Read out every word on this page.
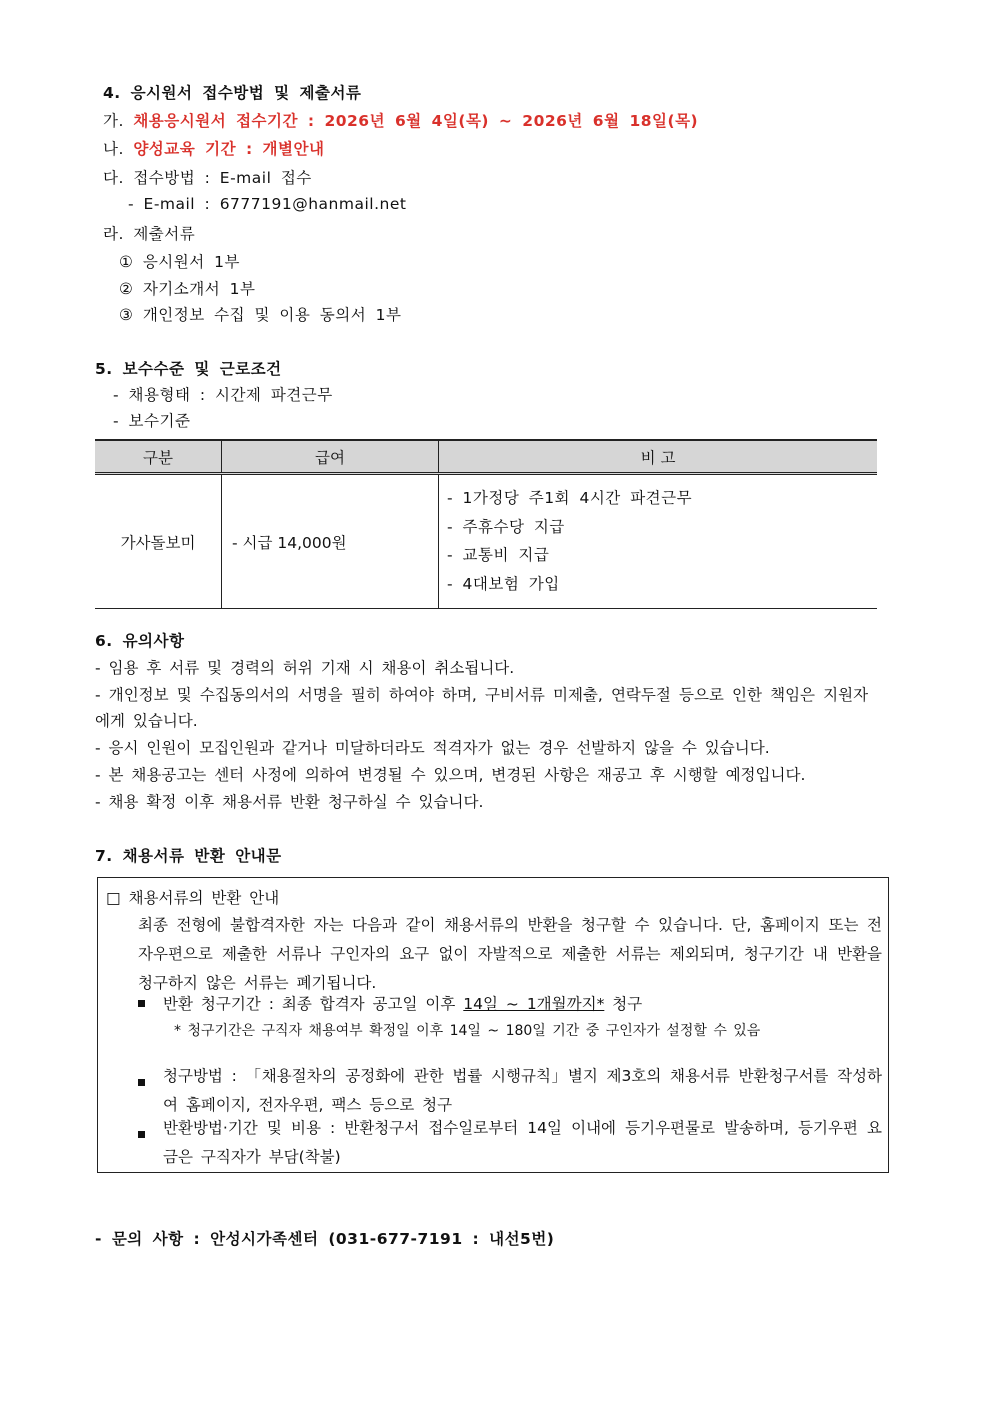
4. 응시원서 접수방법 및 제출서류
가. 채용응시원서 접수기간 : 2026년 6월 4일(목) ~ 2026년 6월 18일(목)
나. 양성교육 기간 : 개별안내
다. 접수방법 : E-mail 접수
- E-mail : 6777191@hanmail.net
라. 제출서류
① 응시원서 1부
② 자기소개서 1부
③ 개인정보 수집 및 이용 동의서 1부
5. 보수수준 및 근로조건
- 채용형태 : 시간제 파견근무
- 보수기준
구분	급여	비 고
가사돌보미	- 시급 14,000원	- 1가정당 주1회 4시간 파견근무
- 주휴수당 지급
- 교통비 지급
- 4대보험 가입
6. 유의사항
- 임용 후 서류 및 경력의 허위 기재 시 채용이 취소됩니다.
- 개인정보 및 수집동의서의 서명을 필히 하여야 하며, 구비서류 미제출, 연락두절 등으로 인한 책임은 지원자
에게 있습니다.
- 응시 인원이 모집인원과 같거나 미달하더라도 적격자가 없는 경우 선발하지 않을 수 있습니다.
- 본 채용공고는 센터 사정에 의하여 변경될 수 있으며, 변경된 사항은 재공고 후 시행할 예정입니다.
- 채용 확정 이후 채용서류 반환 청구하실 수 있습니다.
7. 채용서류 반환 안내문
□ 채용서류의 반환 안내
최종 전형에 불합격자한 자는 다음과 같이 채용서류의 반환을 청구할 수 있습니다. 단, 홈페이지 또는 전자우편으로 제출한 서류나 구인자의 요구 없이 자발적으로 제출한 서류는 제외되며, 청구기간 내 반환을 청구하지 않은 서류는 폐기됩니다.
반환 청구기간 : 최종 합격자 공고일 이후 14일 ~ 1개월까지* 청구
* 청구기간은 구직자 채용여부 확정일 이후 14일 ~ 180일 기간 중 구인자가 설정할 수 있음
청구방법 : 「채용절차의 공정화에 관한 법률 시행규칙」별지 제3호의 채용서류 반환청구서를 작성하여 홈페이지, 전자우편, 팩스 등으로 청구
반환방법·기간 및 비용 : 반환청구서 접수일로부터 14일 이내에 등기우편물로 발송하며, 등기우편 요금은 구직자가 부담(착불)
- 문의 사항 : 안성시가족센터 (031-677-7191 : 내선5번)
